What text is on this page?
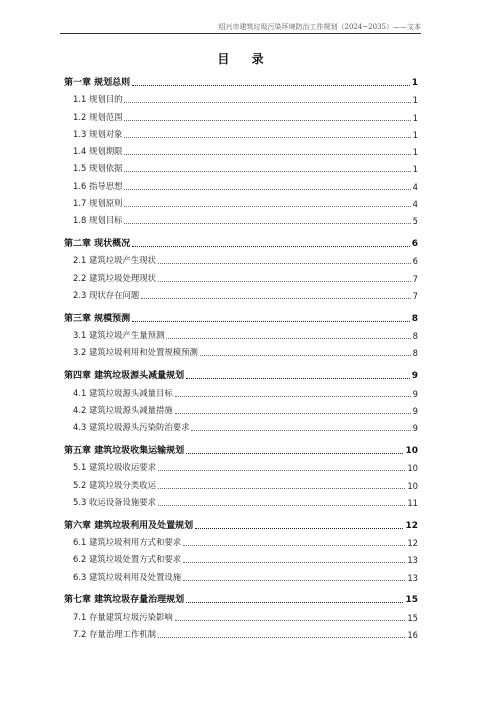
绍兴市建筑垃圾污染环境防治工作规划（2024~2035）——文本
目 录
第一章 规划总则	1
1.1 规划目的	1
1.2 规划范围	1
1.3 规划对象	1
1.4 规划期限	1
1.5 规划依据	1
1.6 指导思想	4
1.7 规划原则	4
1.8 规划目标	5
第二章 现状概况	6
2.1 建筑垃圾产生现状	6
2.2 建筑垃圾处理现状	7
2.3 现状存在问题	7
第三章 规模预测	8
3.1 建筑垃圾产生量预测	8
3.2 建筑垃圾利用和处置规模预测	8
第四章 建筑垃圾源头减量规划	9
4.1 建筑垃圾源头减量目标	9
4.2 建筑垃圾源头减量措施	9
4.3 建筑垃圾源头污染防治要求	9
第五章 建筑垃圾收集运输规划	10
5.1 建筑垃圾收运要求	10
5.2 建筑垃圾分类收运	10
5.3 收运设备设施要求	11
第六章 建筑垃圾利用及处置规划	12
6.1 建筑垃圾利用方式和要求	12
6.2 建筑垃圾处置方式和要求	13
6.3 建筑垃圾利用及处置设施	13
第七章 建筑垃圾存量治理规划	15
7.1 存量建筑垃圾污染影响	15
7.2 存量治理工作机制	16
